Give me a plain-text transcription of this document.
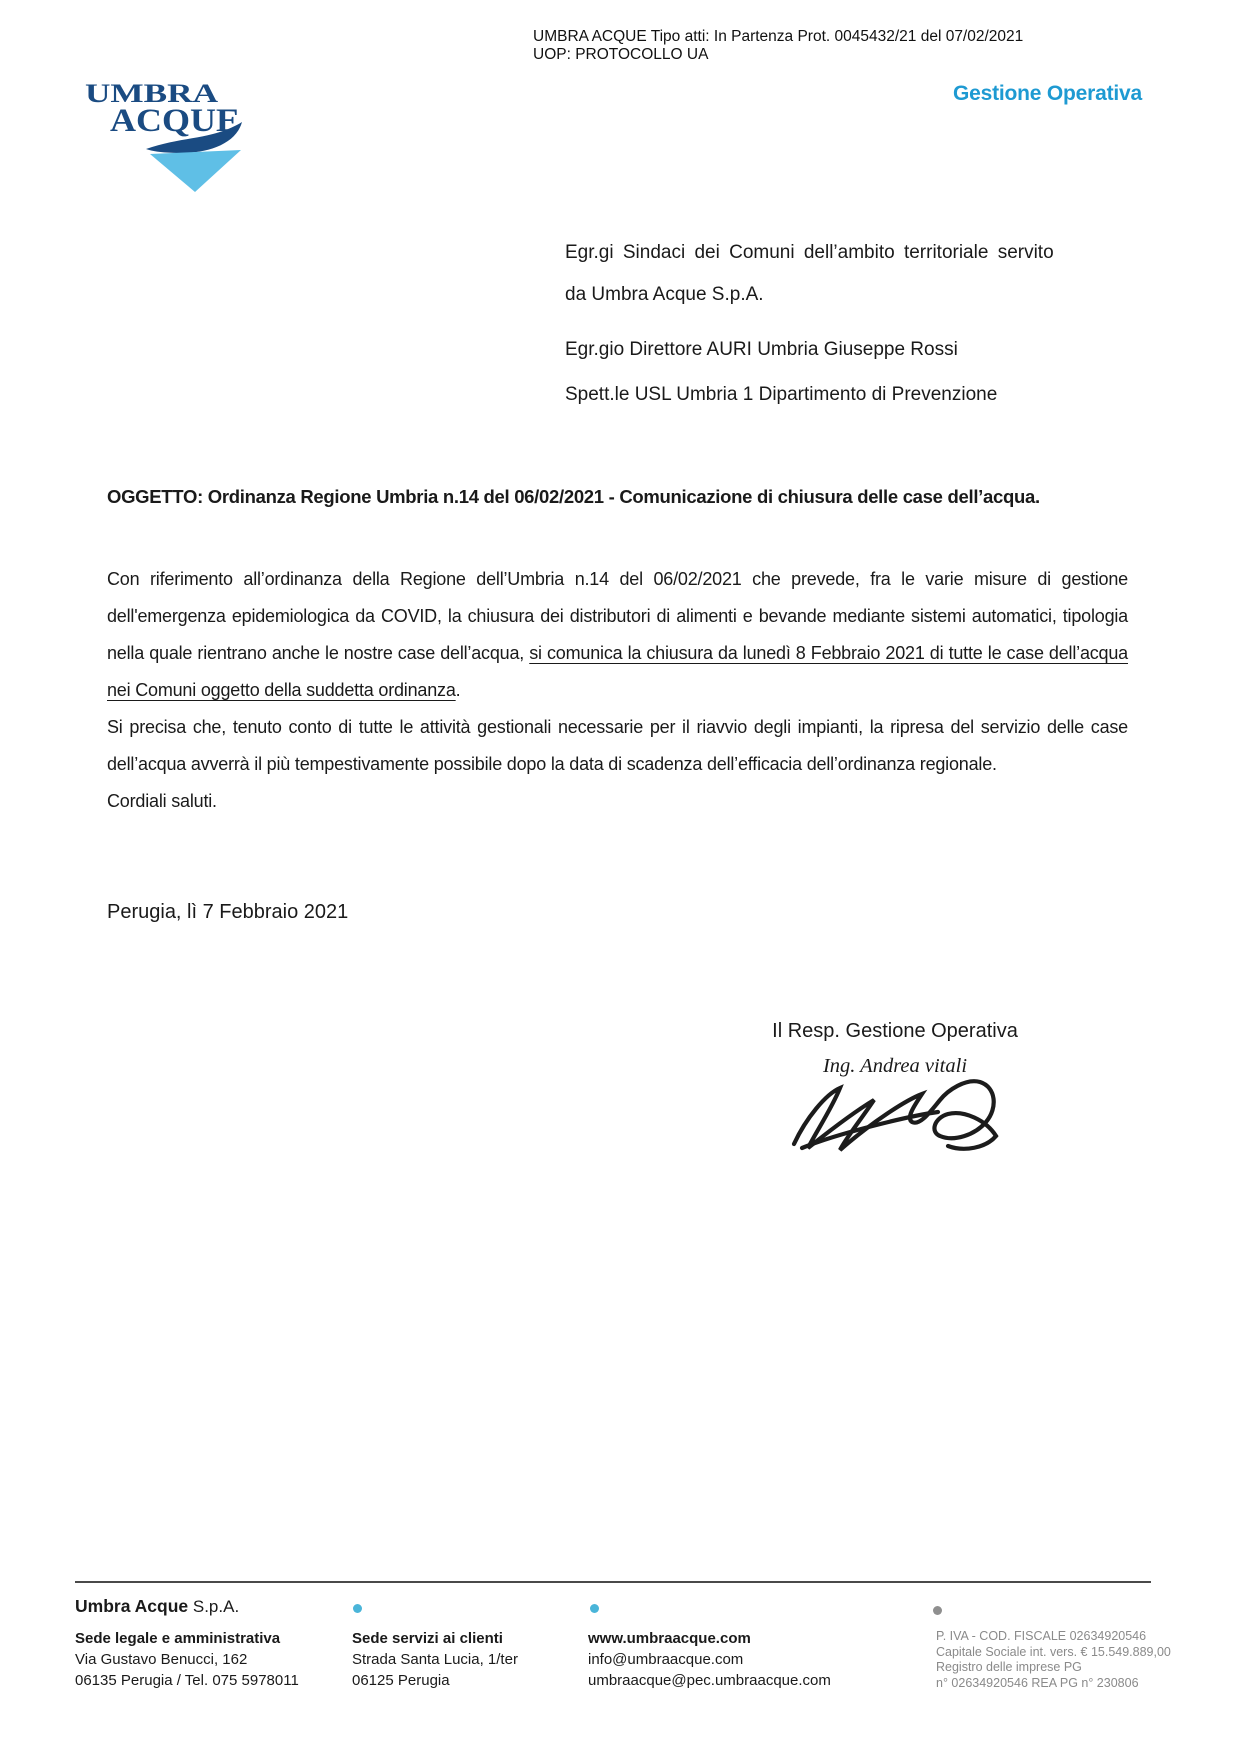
UMBRA ACQUE Tipo atti: In Partenza Prot. 0045432/21 del 07/02/2021
UOP: PROTOCOLLO UA
UMBRA
ACQUE
Gestione Operativa
Egr.gi Sindaci dei Comuni dell’ambito territoriale servito
da Umbra Acque S.p.A.
Egr.gio Direttore AURI Umbria Giuseppe Rossi
Spett.le USL Umbria 1 Dipartimento di Prevenzione
OGGETTO: Ordinanza Regione Umbria n.14 del 06/02/2021 - Comunicazione di chiusura delle case dell’acqua.

Con riferimento all’ordinanza della Regione dell’Umbria n.14 del 06/02/2021 che prevede, fra le varie misure di gestione dell'emergenza epidemiologica da COVID, la chiusura dei distributori di alimenti e bevande mediante sistemi automatici, tipologia nella quale rientrano anche le nostre case dell’acqua, si comunica la chiusura da lunedì 8 Febbraio 2021 di tutte le case dell’acqua nei Comuni oggetto della suddetta ordinanza.

Si precisa che, tenuto conto di tutte le attività gestionali necessarie per il riavvio degli impianti, la ripresa del servizio delle case dell’acqua avverrà il più tempestivamente possibile dopo la data di scadenza dell’efficacia dell’ordinanza regionale.

Cordiali saluti.

Perugia, lì 7 Febbraio 2021
Il Resp. Gestione Operativa
Ing. Andrea vitali
Umbra Acque S.p.A.
Sede legale e amministrativa
Via Gustavo Benucci, 162
06135 Perugia / Tel. 075 5978011
Sede servizi ai clienti
Strada Santa Lucia, 1/ter
06125 Perugia
www.umbraacque.com
info@umbraacque.com
umbraacque@pec.umbraacque.com
P. IVA - COD. FISCALE 02634920546
Capitale Sociale int. vers. € 15.549.889,00
Registro delle imprese PG
n° 02634920546 REA PG n° 230806
